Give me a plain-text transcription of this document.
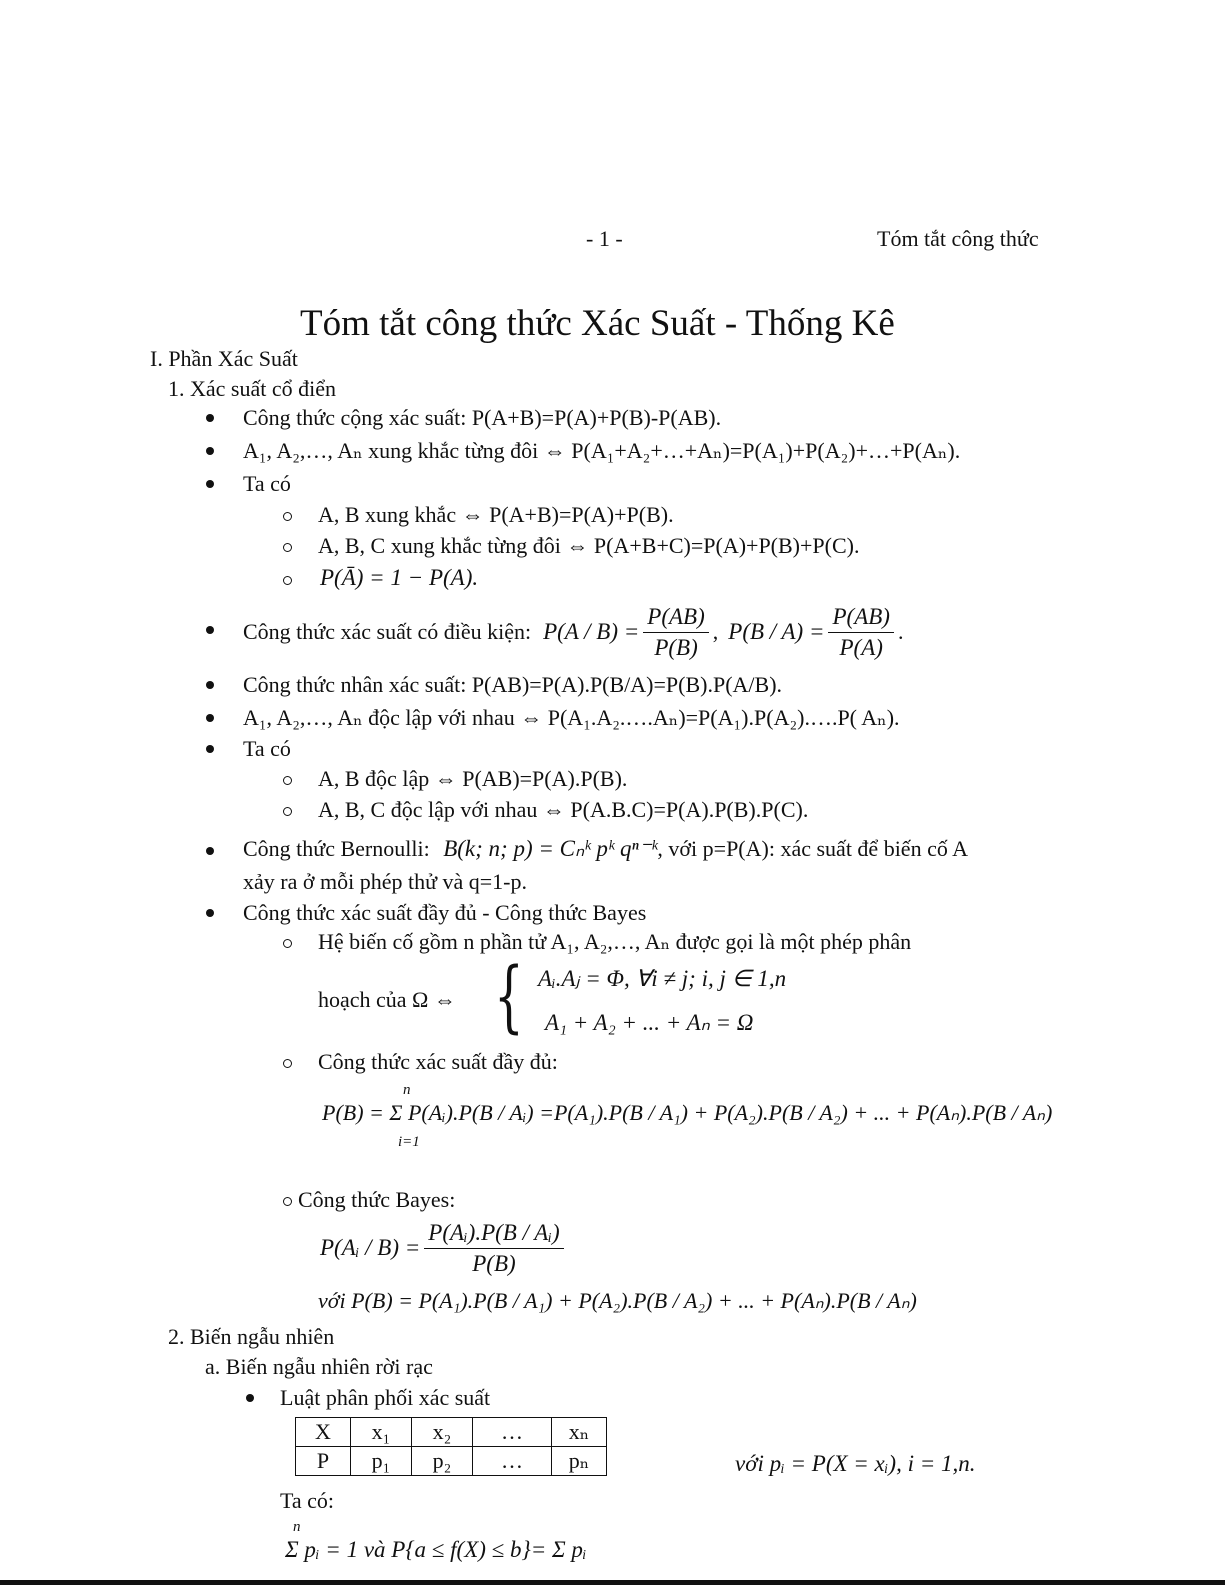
- 1 -	Tóm tắt công thức
Tóm tắt công thức Xác Suất - Thống Kê
I. Phần Xác Suất
1. Xác suất cổ điển
Công thức cộng xác suất: P(A+B)=P(A)+P(B)-P(AB).
A₁, A₂,…, Aₙ xung khắc từng đôi ⇔ P(A₁+A₂+…+Aₙ)=P(A₁)+P(A₂)+…+P(Aₙ).
Ta có
A, B xung khắc ⇔ P(A+B)=P(A)+P(B).
A, B, C xung khắc từng đôi ⇔ P(A+B+C)=P(A)+P(B)+P(C).
P(Ā) = 1 − P(A).
Công thức xác suất có điều kiện: $P(A / B) = \frac{P(AB)}{P(B)}$ , $P(B / A) = \frac{P(AB)}{P(A)}$ .
Công thức nhân xác suất: P(AB)=P(A).P(B/A)=P(B).P(A/B).
A₁, A₂,…, Aₙ độc lập với nhau ⇔ P(A₁.A₂.….Aₙ)=P(A₁).P(A₂).….P( Aₙ).
Ta có
A, B độc lập ⇔ P(AB)=P(A).P(B).
A, B, C độc lập với nhau ⇔ P(A.B.C)=P(A).P(B).P(C).
Công thức Bernoulli: B(k; n; p) = Cₙᵏ pᵏ qⁿ⁻ᵏ, với p=P(A): xác suất để biến cố A
xảy ra ở mỗi phép thử và q=1-p.
Công thức xác suất đầy đủ - Công thức Bayes
Hệ biến cố gồm n phần tử A₁, A₂,…, Aₙ được gọi là một phép phân
hoạch của Ω ⇔ { Aᵢ.Aⱼ = Φ, ∀i ≠ j; i, j ∈ 1,n
A₁ + A₂ + ... + Aₙ = Ω
Công thức xác suất đầy đủ:
n
P(B) = Σ P(Aᵢ).P(B / Aᵢ) =P(A₁).P(B / A₁) + P(A₂).P(B / A₂) + ... + P(Aₙ).P(B / Aₙ)
i=1
Công thức Bayes:
P(Aᵢ / $B) = \frac{\text{P(Aᵢ).P(B / Aᵢ)}}{P(B)}$
với P(B) = P(A₁).P(B / A₁) + P(A₂).P(B / A₂) + ... + P(Aₙ).P(B / Aₙ)
2. Biến ngẫu nhiên
a. Biến ngẫu nhiên rời rạc
Luật phân phối xác suất
X	x₁	x₂	…	xₙ
P	p₁	p₂	…	pₙ	với pᵢ = P(X = xᵢ), i = 1,n.
Ta có:
n
Σ pᵢ = 1 và P{a ≤ f(X) ≤ b}= Σ pᵢ
